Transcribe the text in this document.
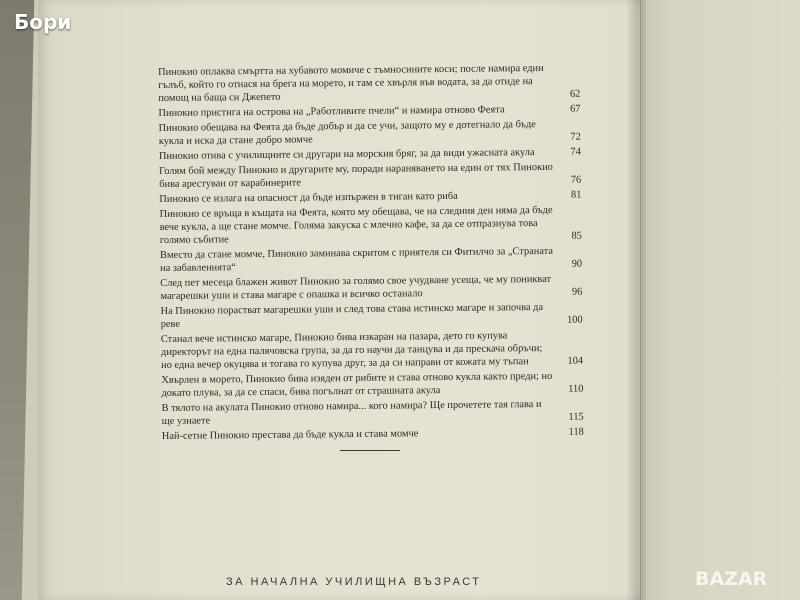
Бори
Пинокио оплаква смъртта на хубавото момиче с тъмносините коси; после намира един гълъб, който го отнася на брега на морето, и там се хвърля във водата, за да отиде на помощ на баща си Джепето	62
Пинокио пристига на острова на „Работливите пчели“ и намира отново Феята	67
Пинокио обещава на Феята да бъде добър и да се учи, защото му е дотегнало да бъде кукла и иска да стане добро момче	72
Пинокио отива с училищните си другари на морския бряг, за да види ужасната акула	74
Голям бой между Пинокио и другарите му, поради нараняването на един от тях Пинокио бива арестуван от карабинерите	76
Пинокио се излага на опасност да бъде изпържен в тиган като риба	81
Пинокио се връща в къщата на Феята, която му обещава, че на следния ден няма да бъде вече кукла, а ще стане момче. Голяма закуска с млечно кафе, за да се отпразнува това голямо събитие	85
Вместо да стане момче, Пинокио заминава скритом с приятеля си Фитилчо за „Страната на забавленията“	90
След пет месеца блажен живот Пинокио за голямо свое учудване усеща, че му поникват магарешки уши и става магаре с опашка и всичко останало	96
На Пинокио порастват магарешки уши и след това става истинско магаре и започва да реве	100
Станал вече истинско магаре, Пинокио бива изкаран на пазара, дето го купува директорът на една палячовска група, за да го научи да танцува и да прескача обръчи; но една вечер окуцява и тогава го купува друг, за да си направи от кожата му тъпан	104
Хвърлен в морето, Пинокио бива изяден от рибите и става отново кукла както преди; но докато плува, за да се спаси, бива погълнат от страшната акула	110
В тялото на акулата Пинокио отново намира... кого намира? Ще прочетете тая глава и ще узнаете	115
Най-сетне Пинокио престава да бъде кукла и става момче	118
ЗА НАЧАЛНА УЧИЛИЩНА ВЪЗРАСТ	BAZAR
